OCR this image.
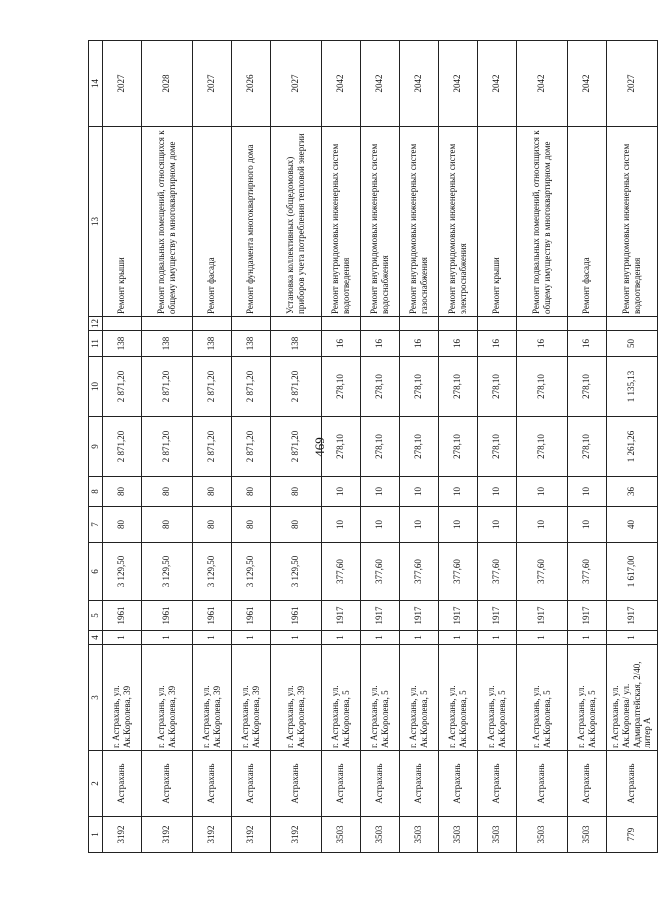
469
1	2	3	4	5	6	7	8	9	10	11	12	13	14
3192	Астрахань	г. Астрахань, ул. Ак.Королева, 39	1	1961	3 129,50	80	80	2 871,20	2 871,20	138		Ремонт крыши	2027
3192	Астрахань	г. Астрахань, ул. Ак.Королева, 39	1	1961	3 129,50	80	80	2 871,20	2 871,20	138		Ремонт подвальных помещений, относящихся к общему имуществу в многоквартирном доме	2028
3192	Астрахань	г. Астрахань, ул. Ак.Королева, 39	1	1961	3 129,50	80	80	2 871,20	2 871,20	138		Ремонт фасада	2027
3192	Астрахань	г. Астрахань, ул. Ак.Королева, 39	1	1961	3 129,50	80	80	2 871,20	2 871,20	138		Ремонт фундамента многоквартирного дома	2026
3192	Астрахань	г. Астрахань, ул. Ак.Королева, 39	1	1961	3 129,50	80	80	2 871,20	2 871,20	138		Установка коллективных (общедомовых) приборов учета потребления тепловой энергии	2027
3503	Астрахань	г. Астрахань, ул. Ак.Королева, 5	1	1917	377,60	10	10	278,10	278,10	16		Ремонт внутридомовых инженерных систем водоотведения	2042
3503	Астрахань	г. Астрахань, ул. Ак.Королева, 5	1	1917	377,60	10	10	278,10	278,10	16		Ремонт внутридомовых инженерных систем водоснабжения	2042
3503	Астрахань	г. Астрахань, ул. Ак.Королева, 5	1	1917	377,60	10	10	278,10	278,10	16		Ремонт внутридомовых инженерных систем газоснабжения	2042
3503	Астрахань	г. Астрахань, ул. Ак.Королева, 5	1	1917	377,60	10	10	278,10	278,10	16		Ремонт внутридомовых инженерных систем электроснабжения	2042
3503	Астрахань	г. Астрахань, ул. Ак.Королева, 5	1	1917	377,60	10	10	278,10	278,10	16		Ремонт крыши	2042
3503	Астрахань	г. Астрахань, ул. Ак.Королева, 5	1	1917	377,60	10	10	278,10	278,10	16		Ремонт подвальных помещений, относящихся к общему имуществу в многоквартирном доме	2042
3503	Астрахань	г. Астрахань, ул. Ак.Королева, 5	1	1917	377,60	10	10	278,10	278,10	16		Ремонт фасада	2042
779	Астрахань	г. Астрахань, ул. Ак.Королева/ ул. Адмиралтейская, 2/40, литер А	1	1917	1 617,00	40	36	1 261,26	1 135,13	50		Ремонт внутридомовых инженерных систем водоотведения	2027
